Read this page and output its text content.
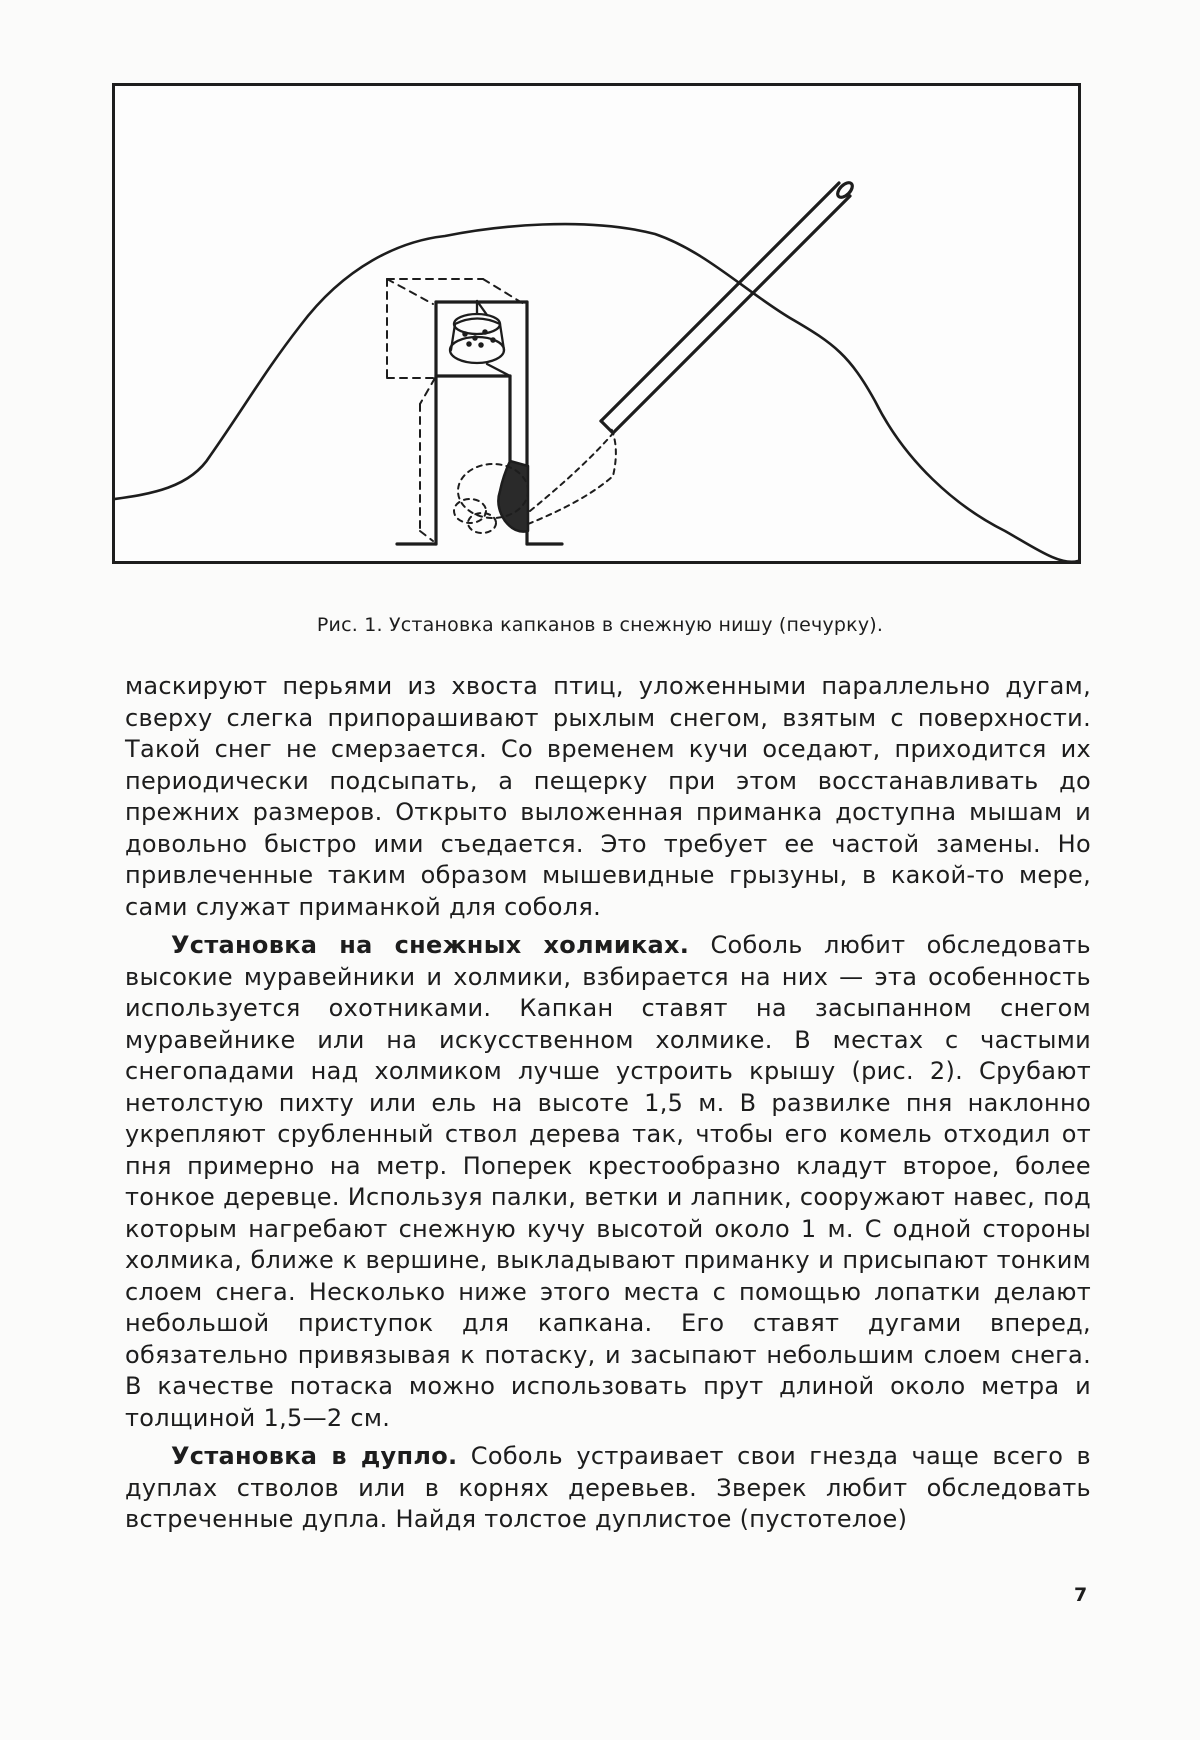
Рис. 1. Установка капканов в снежную нишу (печурку).

маскируют перьями из хвоста птиц, уложенными параллельно дугам, сверху слегка припорашивают рыхлым снегом, взятым с поверхности. Такой снег не смерзается. Со временем кучи оседают, приходится их периодически подсыпать, а пещерку при этом восстанавливать до прежних размеров. Открыто выложенная приманка доступна мышам и довольно быстро ими съедается. Это требует ее частой замены. Но привлеченные таким образом мышевидные грызуны, в какой-то мере, сами служат приманкой для соболя.

Установка на снежных холмиках. Соболь любит обследовать высокие муравейники и холмики, взбирается на них — эта особенность используется охотниками. Капкан ставят на засыпанном снегом муравейнике или на искусственном холмике. В местах с частыми снегопадами над холмиком лучше устроить крышу (рис. 2). Срубают нетолстую пихту или ель на высоте 1,5 м. В развилке пня наклонно укрепляют срубленный ствол дерева так, чтобы его комель отходил от пня примерно на метр. Поперек крестообразно кладут второе, более тонкое деревце. Используя палки, ветки и лапник, сооружают навес, под которым нагребают снежную кучу высотой около 1 м. С одной стороны холмика, ближе к вершине, выкладывают приманку и присыпают тонким слоем снега. Несколько ниже этого места с помощью лопатки делают небольшой приступок для капкана. Его ставят дугами вперед, обязательно привязывая к потаску, и засыпают небольшим слоем снега. В качестве потаска можно использовать прут длиной около метра и толщиной 1,5—2 см.

Установка в дупло. Соболь устраивает свои гнезда чаще всего в дуплах стволов или в корнях деревьев. Зверек любит обследовать встреченные дупла. Найдя толстое дуплистое (пустотелое)

7
